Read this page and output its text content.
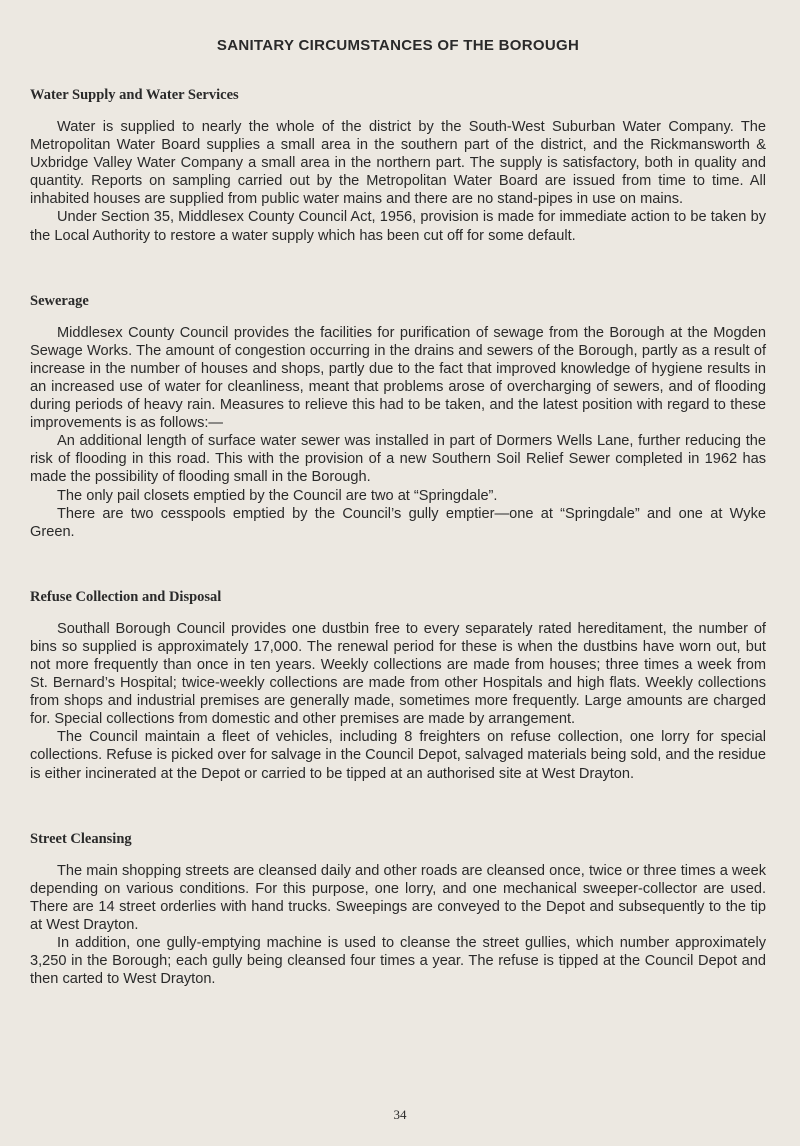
SANITARY CIRCUMSTANCES OF THE BOROUGH
Water Supply and Water Services

Water is supplied to nearly the whole of the district by the South-West Suburban Water Company. The Metropolitan Water Board supplies a small area in the southern part of the district, and the Rickmansworth & Uxbridge Valley Water Company a small area in the northern part. The supply is satisfactory, both in quality and quantity. Reports on sampling carried out by the Metropolitan Water Board are issued from time to time. All inhabited houses are supplied from public water mains and there are no stand-pipes in use on mains.

Under Section 35, Middlesex County Council Act, 1956, provision is made for immediate action to be taken by the Local Authority to restore a water supply which has been cut off for some default.

Sewerage

Middlesex County Council provides the facilities for purification of sewage from the Borough at the Mogden Sewage Works. The amount of congestion occurring in the drains and sewers of the Borough, partly as a result of increase in the number of houses and shops, partly due to the fact that improved knowledge of hygiene results in an increased use of water for cleanliness, meant that problems arose of overcharging of sewers, and of flooding during periods of heavy rain. Measures to relieve this had to be taken, and the latest position with regard to these improvements is as follows:—

An additional length of surface water sewer was installed in part of Dormers Wells Lane, further reducing the risk of flooding in this road. This with the provision of a new Southern Soil Relief Sewer completed in 1962 has made the possibility of flooding small in the Borough.

The only pail closets emptied by the Council are two at “Springdale”.

There are two cesspools emptied by the Council’s gully emptier—one at “Springdale” and one at Wyke Green.

Refuse Collection and Disposal

Southall Borough Council provides one dustbin free to every separately rated hereditament, the number of bins so supplied is approximately 17,000. The renewal period for these is when the dustbins have worn out, but not more frequently than once in ten years. Weekly collections are made from houses; three times a week from St. Bernard’s Hospital; twice-weekly collections are made from other Hospitals and high flats. Weekly collections from shops and industrial premises are generally made, sometimes more frequently. Large amounts are charged for. Special collections from domestic and other premises are made by arrangement.

The Council maintain a fleet of vehicles, including 8 freighters on refuse collection, one lorry for special collections. Refuse is picked over for salvage in the Council Depot, salvaged materials being sold, and the residue is either incinerated at the Depot or carried to be tipped at an authorised site at West Drayton.

Street Cleansing

The main shopping streets are cleansed daily and other roads are cleansed once, twice or three times a week depending on various conditions. For this purpose, one lorry, and one mechanical sweeper-collector are used. There are 14 street orderlies with hand trucks. Sweepings are conveyed to the Depot and subsequently to the tip at West Drayton.

In addition, one gully-emptying machine is used to cleanse the street gullies, which number approximately 3,250 in the Borough; each gully being cleansed four times a year. The refuse is tipped at the Council Depot and then carted to West Drayton.

34
